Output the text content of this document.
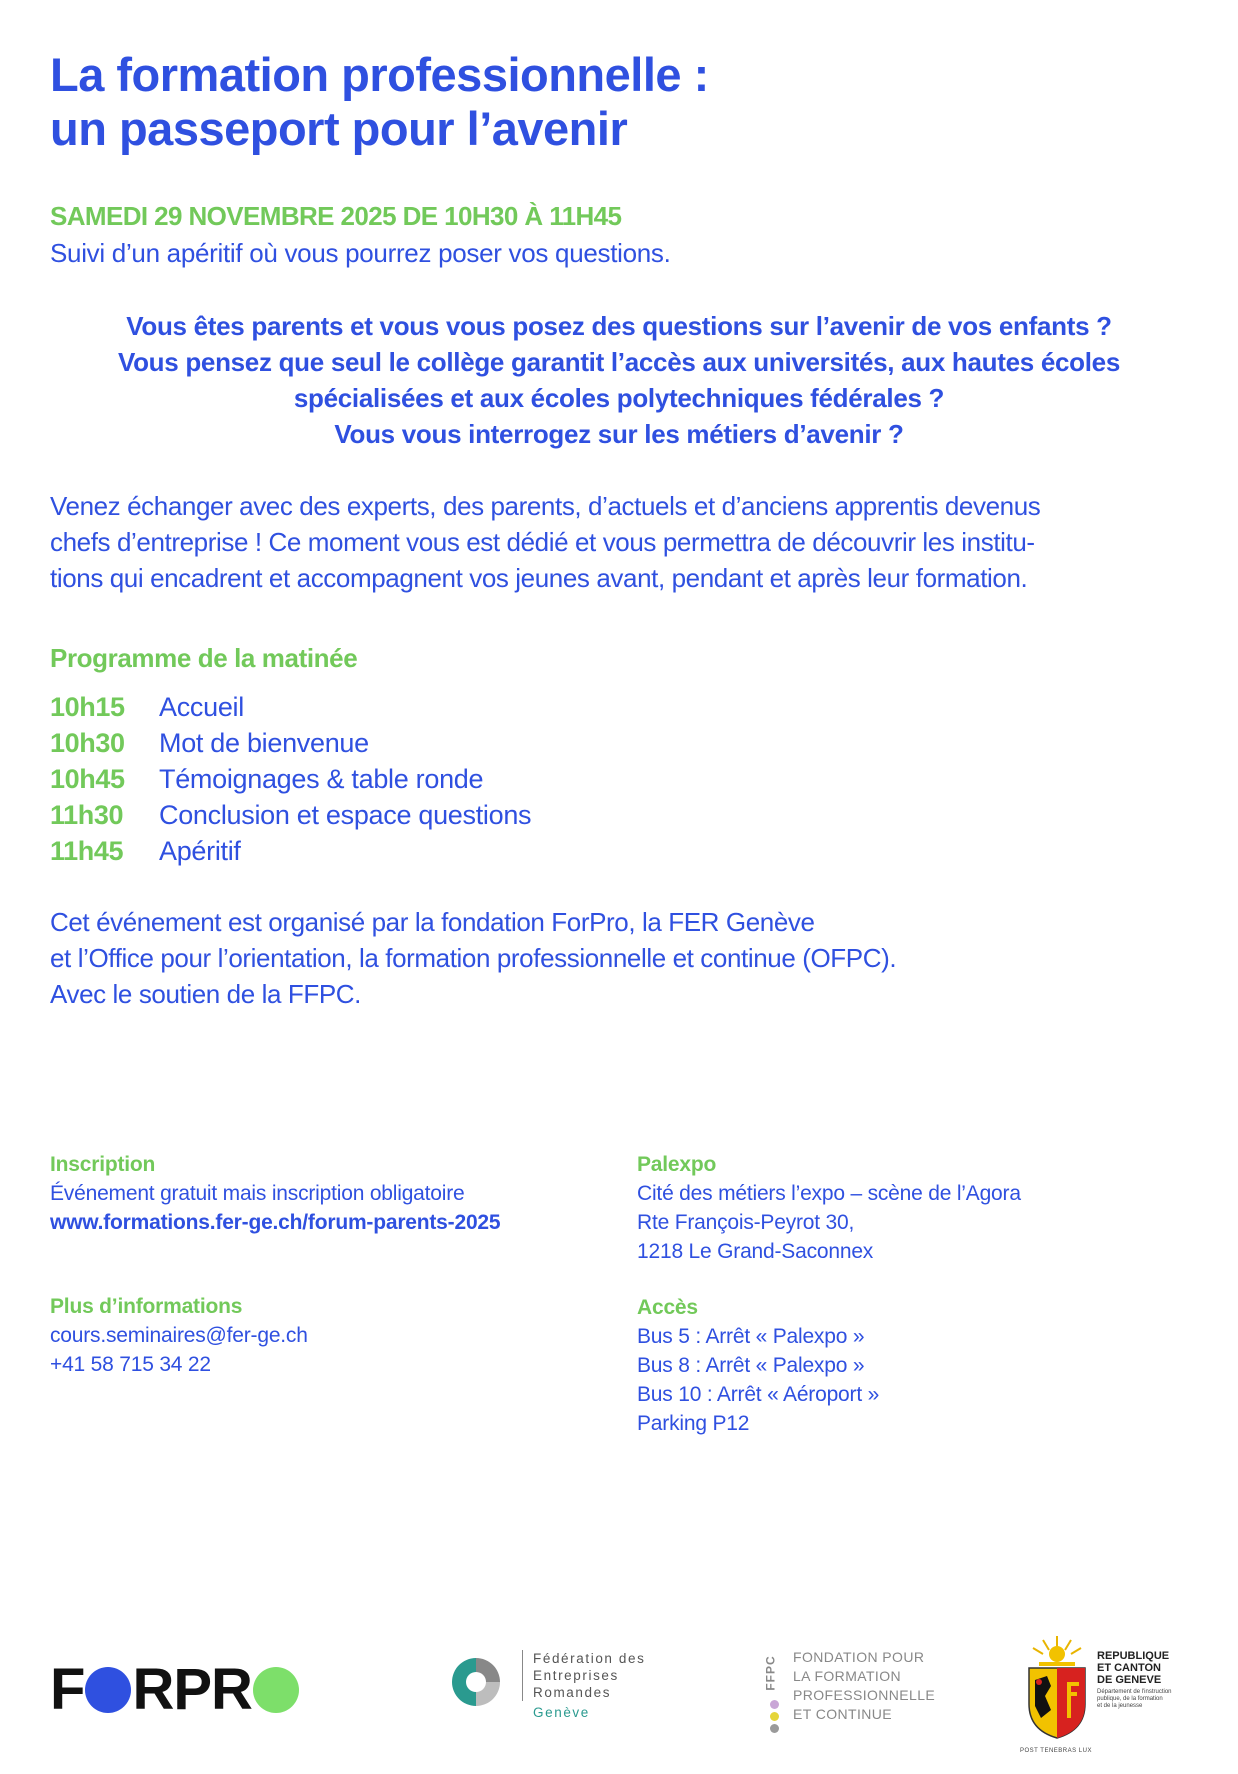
La formation professionnelle :
un passeport pour l’avenir
SAMEDI 29 NOVEMBRE 2025 DE 10H30 À 11H45
Suivi d’un apéritif où vous pourrez poser vos questions.
Vous êtes parents et vous vous posez des questions sur l’avenir de vos enfants ?
Vous pensez que seul le collège garantit l’accès aux universités, aux hautes écoles
spécialisées et aux écoles polytechniques fédérales ?
Vous vous interrogez sur les métiers d’avenir ?
Venez échanger avec des experts, des parents, d’actuels et d’anciens apprentis devenus
chefs d’entreprise ! Ce moment vous est dédié et vous permettra de découvrir les institu-
tions qui encadrent et accompagnent vos jeunes avant, pendant et après leur formation.
Programme de la matinée
10h15	Accueil
10h30	Mot de bienvenue
10h45	Témoignages & table ronde
11h30	Conclusion et espace questions
11h45	Apéritif
Cet événement est organisé par la fondation ForPro, la FER Genève
et l’Office pour l’orientation, la formation professionnelle et continue (OFPC).
Avec le soutien de la FFPC.
Inscription
Événement gratuit mais inscription obligatoire
www.formations.fer-ge.ch/forum-parents-2025
Plus d’informations
cours.seminaires@fer-ge.ch
+41 58 715 34 22
Palexpo
Cité des métiers l’expo – scène de l’Agora
Rte François-Peyrot 30,
1218 Le Grand-Saconnex
Accès
Bus 5 : Arrêt « Palexpo »
Bus 8 : Arrêt « Palexpo »
Bus 10 : Arrêt « Aéroport »
Parking P12
F R P R	Fédération des
Entreprises
Romandes
Genève
FFPC FONDATION POUR
LA FORMATION
PROFESSIONNELLE
ET CONTINUE
REPUBLIQUE
ET CANTON
DE GENEVE
Département de l'instruction
publique, de la formation
et de la jeunesse
POST TENEBRAS LUX
